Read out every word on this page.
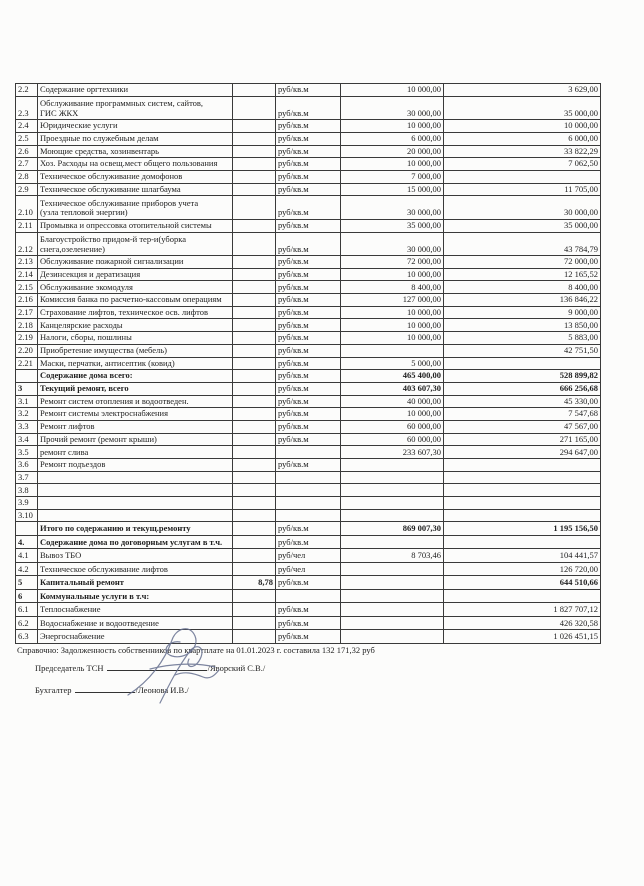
2.2	Содержание оргтехники		руб/кв.м	10 000,00	3 629,00
2.3	Обслуживание программных систем, сайтов, ГИС ЖКХ		руб/кв.м	30 000,00	35 000,00
2.4	Юридические услуги		руб/кв.м	10 000,00	10 000,00
2.5	Проездные по служебным делам		руб/кв.м	6 000,00	6 000,00
2.6	Моющие средства, хозинвентарь		руб/кв.м	20 000,00	33 822,29
2.7	Хоз. Расходы на освещ.мест общего пользования		руб/кв.м	10 000,00	7 062,50
2.8	Техническое обслуживание домофонов		руб/кв.м	7 000,00	
2.9	Техническое обслуживание шлагбаума		руб/кв.м	15 000,00	11 705,00
2.10	Техническое обслуживание приборов учета (узла тепловой энергии)		руб/кв.м	30 000,00	30 000,00
2.11	Промывка и опрессовка отопительной системы		руб/кв.м	35 000,00	35 000,00
2.12	Благоустройство придом-й тер-и(уборка снега,озеленение)		руб/кв.м	30 000,00	43 784,79
2.13	Обслуживание пожарной сигнализации		руб/кв.м	72 000,00	72 000,00
2.14	Дезинсекция и дератизация		руб/кв.м	10 000,00	12 165,52
2.15	Обслуживание экомодуля		руб/кв.м	8 400,00	8 400,00
2.16	Комиссия банка по расчетно-кассовым операциям		руб/кв.м	127 000,00	136 846,22
2.17	Страхование лифтов, техническое осв. лифтов		руб/кв.м	10 000,00	9 000,00
2.18	Канцелярские расходы		руб/кв.м	10 000,00	13 850,00
2.19	Налоги, сборы, пошлины		руб/кв.м	10 000,00	5 883,00
2.20	Приобретение имущества (мебель)		руб/кв.м		42 751,50
2.21	Маски, перчатки, антисептик (ковид)		руб/кв.м	5 000,00	
	Содержание дома всего:		руб/кв.м	465 400,00	528 899,82
3	Текущий ремонт, всего		руб/кв.м	403 607,30	666 256,68
3.1	Ремонт систем отопления и водоотведен.		руб/кв.м	40 000,00	45 330,00
3.2	Ремонт системы электроснабжения		руб/кв.м	10 000,00	7 547,68
3.3	Ремонт лифтов		руб/кв.м	60 000,00	47 567,00
3.4	Прочий ремонт (ремонт крыши)		руб/кв.м	60 000,00	271 165,00
3.5	ремонт слива			233 607,30	294 647,00
3.6	Ремонт подъездов		руб/кв.м		
3.7					
3.8					
3.9					
3.10					
	Итого по содержанию и текущ.ремонту		руб/кв.м	869 007,30	1 195 156,50
4.	Содержание дома по договорным услугам в т.ч.		руб/кв.м		
4.1	Вывоз ТБО		руб/чел	8 703,46	104 441,57
4.2	Техническое обслуживание лифтов		руб/чел		126 720,00
5	Капитальный ремонт	8,78	руб/кв.м		644 510,66
6	Коммунальные услуги в т.ч:				
6.1	Теплоснабжение		руб/кв.м		1 827 707,12
6.2	Водоснабжение и водоотведение		руб/кв.м		426 320,58
6.3	Энергоснабжение		руб/кв.м		1 026 451,15
Справочно: Задолженность собственников по квартплате на 01.01.2023 г. составила 132 171,32 руб
Председатель ТСН	/Яворский С.В./
Бухгалтер	/Леонова И.В./
